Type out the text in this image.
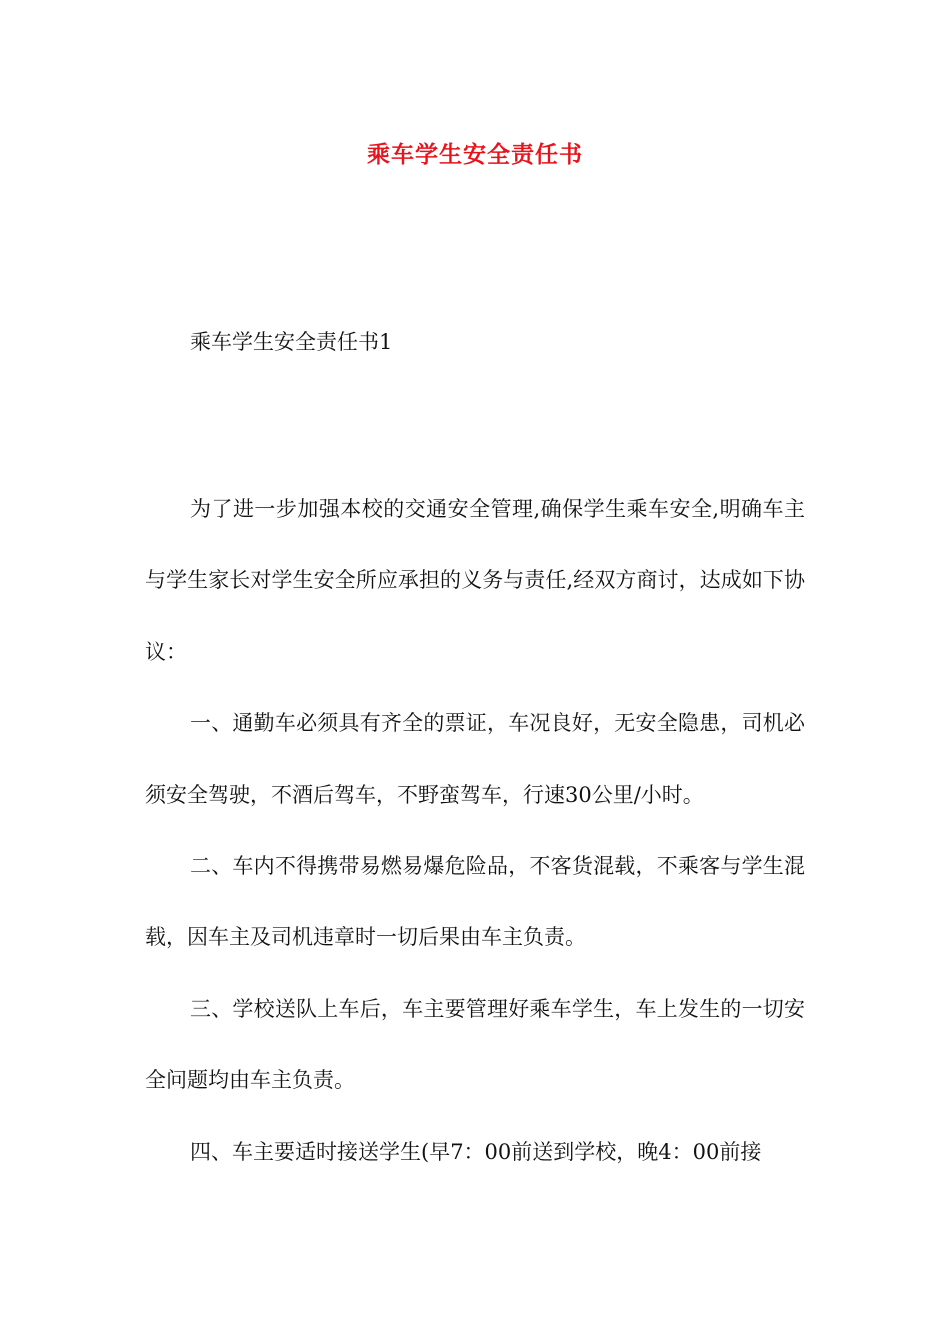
乘车学生安全责任书

乘车学生安全责任书1

为了进一步加强本校的交通安全管理,确保学生乘车安全,明确车主与学生家长对学生安全所应承担的义务与责任,经双方商讨，达成如下协议：

一、通勤车必须具有齐全的票证，车况良好，无安全隐患，司机必须安全驾驶，不酒后驾车，不野蛮驾车，行速30公里/小时。

二、车内不得携带易燃易爆危险品，不客货混载，不乘客与学生混载，因车主及司机违章时一切后果由车主负责。

三、学校送队上车后，车主要管理好乘车学生，车上发生的一切安全问题均由车主负责。

四、车主要适时接送学生(早7：00前送到学校，晚4：00前接
